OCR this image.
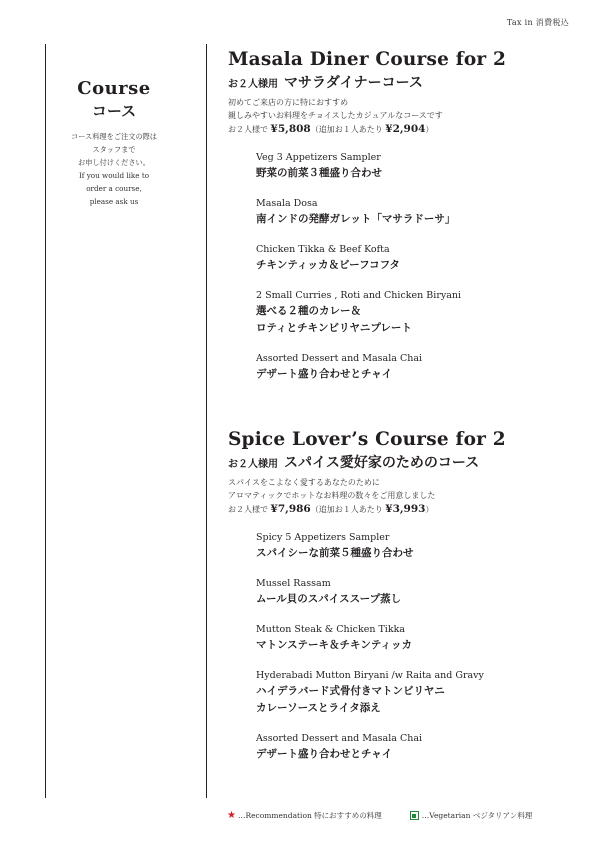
Tax in 消費税込
Course
コース
コース料理をご注文の際は
スタッフまで
お申し付けください。
If you would like to
order a course,
please ask us
Masala Diner Course for 2
お２人様用 マサラダイナーコース
初めてご来店の方に特におすすめ
親しみやすいお料理をチョイスしたカジュアルなコースです
お２人様で ¥5,808（追加お１人あたり ¥2,904）
Veg 3 Appetizers Sampler
野菜の前菜３種盛り合わせ
Masala Dosa
南インドの発酵ガレット「マサラドーサ」
Chicken Tikka & Beef Kofta
チキンティッカ＆ビーフコフタ
2 Small Curries , Roti and Chicken Biryani
選べる２種のカレー＆
ロティとチキンビリヤニプレート
Assorted Dessert and Masala Chai
デザート盛り合わせとチャイ
Spice Lover’s Course for 2
お２人様用 スパイス愛好家のためのコース
スパイスをこよなく愛するあなたのために
アロマティックでホットなお料理の数々をご用意しました
お２人様で ¥7,986（追加お１人あたり ¥3,993）
Spicy 5 Appetizers Sampler
スパイシーな前菜５種盛り合わせ
Mussel Rassam
ムール貝のスパイススープ蒸し
Mutton Steak & Chicken Tikka
マトンステーキ＆チキンティッカ
Hyderabadi Mutton Biryani /w Raita and Gravy
ハイデラバード式骨付きマトンビリヤニ
カレーソースとライタ添え
Assorted Dessert and Masala Chai
デザート盛り合わせとチャイ
★ … Recommendation 特におすすめの料理	… Vegetarian ベジタリアン料理
